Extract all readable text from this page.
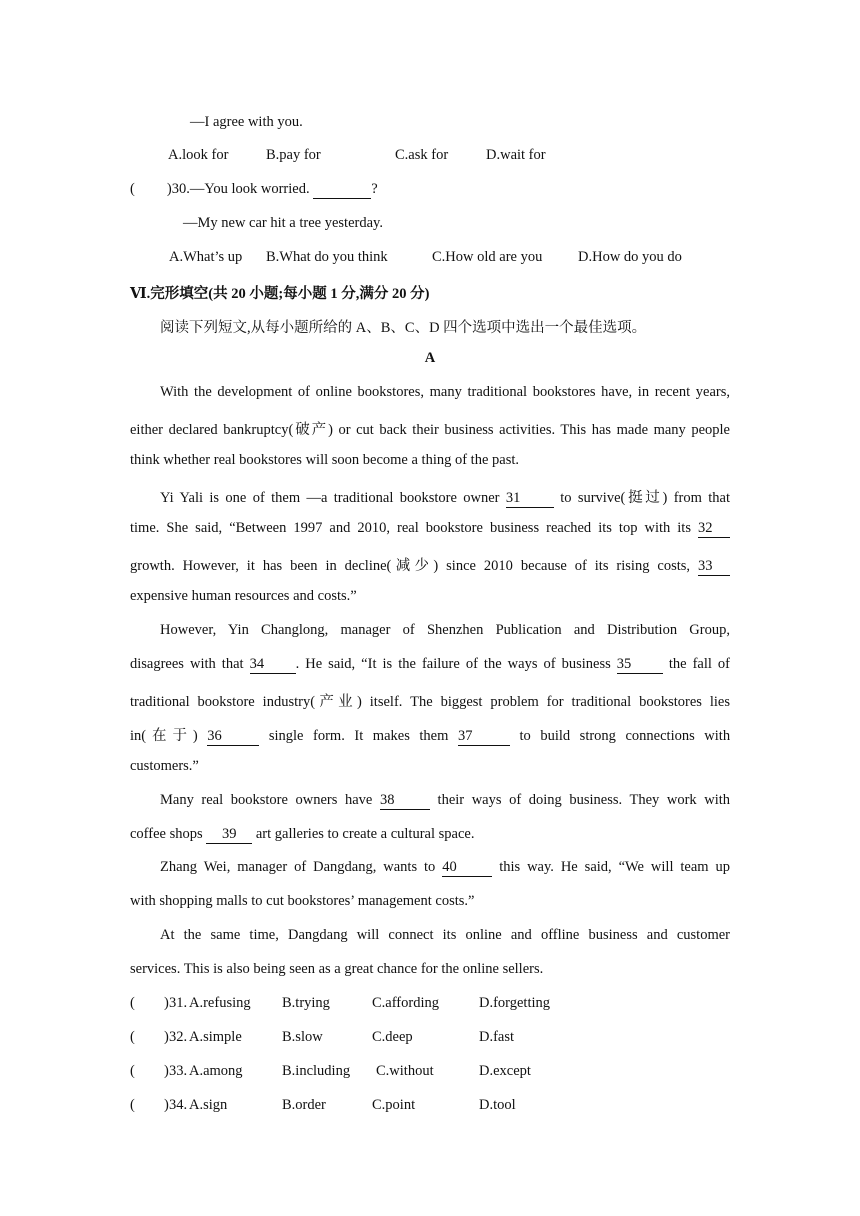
—I agree with you.
A.look for	B.pay for	C.ask for	D.wait for
( )30.—You look worried.	?
—My new car hit a tree yesterday.
A.What’s up B.What do you think	C.How old are you D.How do you do
Ⅵ.完形填空(共 20 小题;每小题 1 分,满分 20 分)
阅读下列短文,从每小题所给的 A、B、C、D 四个选项中选出一个最佳选项。
A
With the development of online bookstores, many traditional bookstores have, in recent years,
either declared bankruptcy(破产) or cut back their business activities. This has made many people
think whether real bookstores will soon become a thing of the past.
Yi Yali is one of them —a traditional bookstore owner 31	to survive(挺过) from that
time. She said, “Between 1997 and 2010, real bookstore business reached its top with its 32
growth. However, it has been in decline(减少) since 2010 because of its rising costs, 33
expensive human resources and costs.”
However, Yin Changlong, manager of Shenzhen Publication and Distribution Group,
disagrees with that 34 . He said, “It is the failure of the ways of business 35	the fall of
traditional bookstore industry(产业) itself. The biggest problem for traditional bookstores lies
in(在于) 36	single form. It makes them 37	to build strong connections with
customers.”
Many real bookstore owners have 38	their ways of doing business. They work with
coffee shops 39 art galleries to create a cultural space.
Zhang Wei, manager of Dangdang, wants to 40	this way. He said, “We will team up
with shopping malls to cut bookstores’ management costs.”
At the same time, Dangdang will connect its online and offline business and customer
services. This is also being seen as a great chance for the online sellers.
( ) 31. A.refusing B.trying	C.affording	D.forgetting
( ) 32. A.simple	B.slow	C.deep	D.fast
( ) 33. A.among	B.including C.without	D.except
( ) 34. A.sign	B.order	C.point	D.tool
